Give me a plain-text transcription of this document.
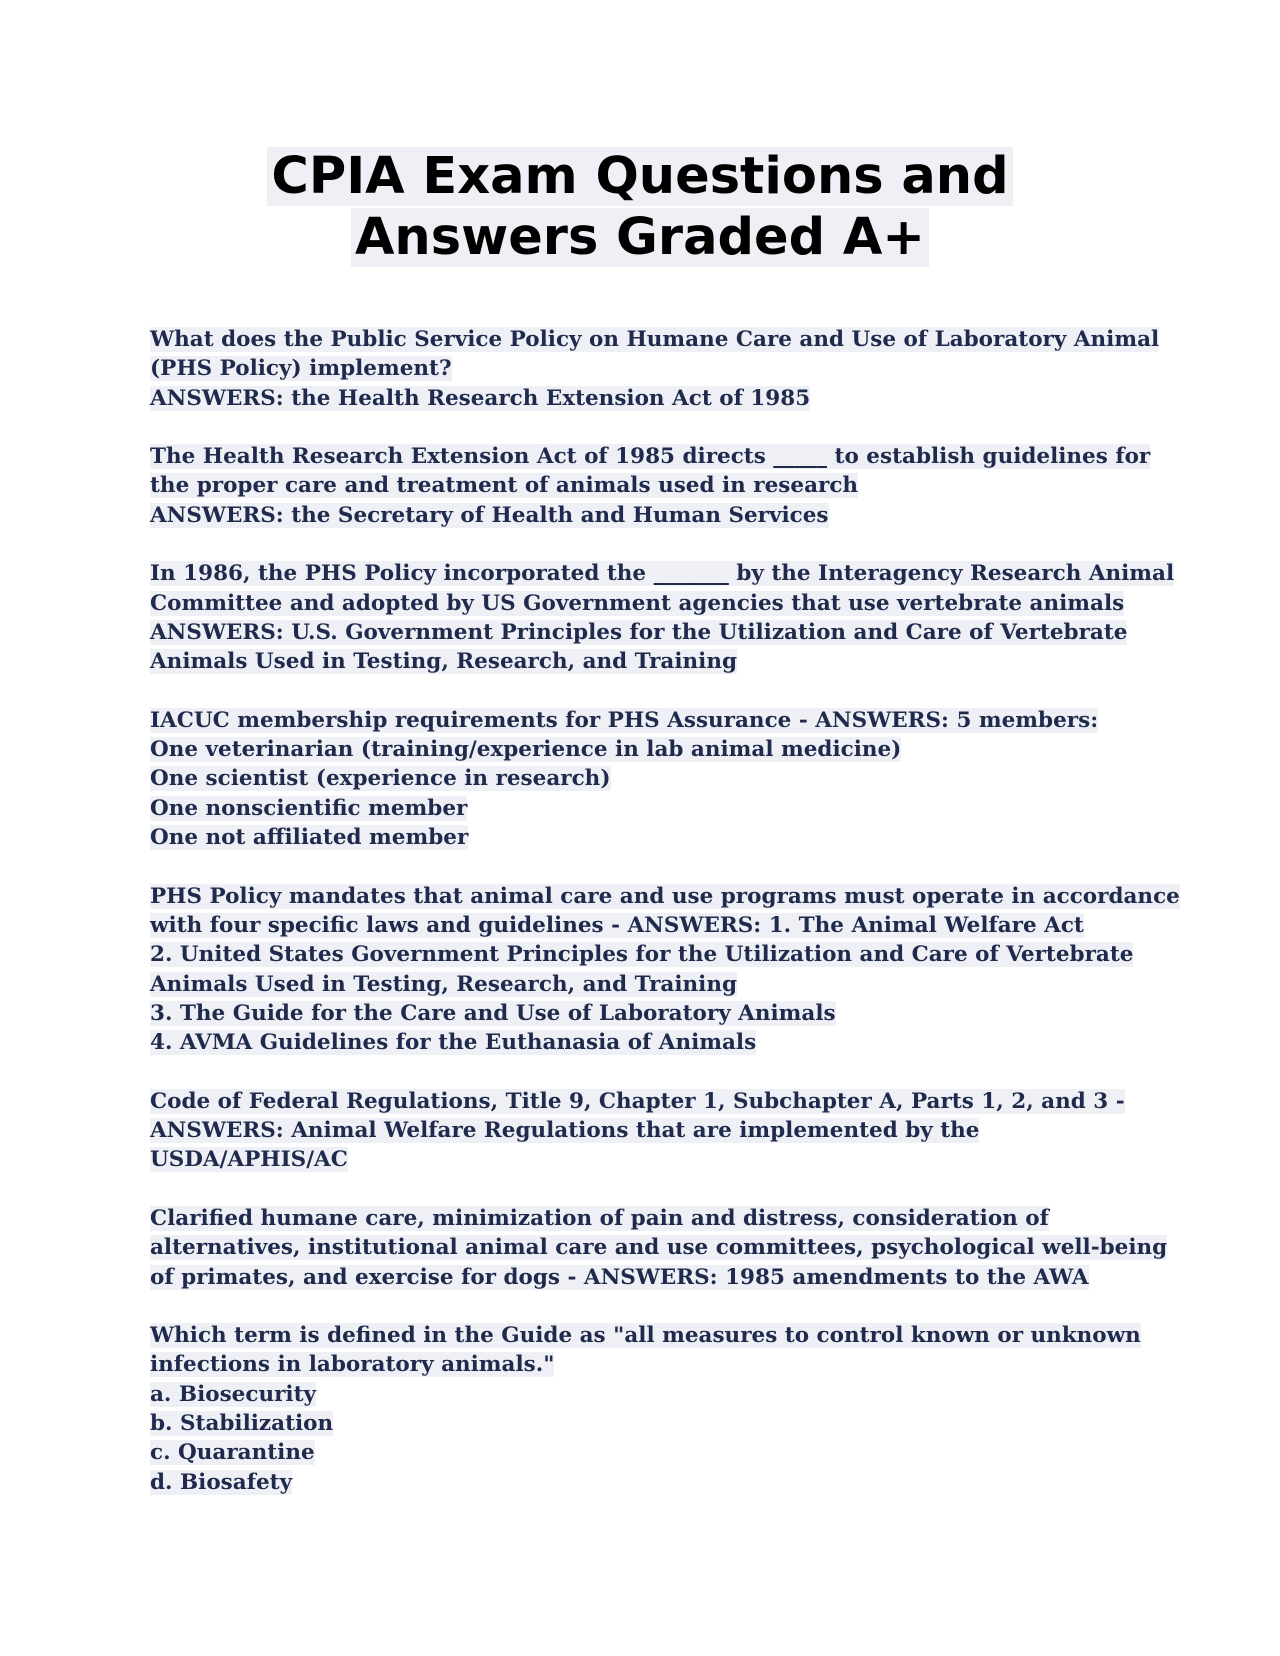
CPIA Exam Questions and
Answers Graded A+
What does the Public Service Policy on Humane Care and Use of Laboratory Animal
(PHS Policy) implement?
ANSWERS: the Health Research Extension Act of 1985
The Health Research Extension Act of 1985 directs _____ to establish guidelines for
the proper care and treatment of animals used in research
ANSWERS: the Secretary of Health and Human Services
In 1986, the PHS Policy incorporated the _______ by the Interagency Research Animal
Committee and adopted by US Government agencies that use vertebrate animals
ANSWERS: U.S. Government Principles for the Utilization and Care of Vertebrate
Animals Used in Testing, Research, and Training
IACUC membership requirements for PHS Assurance - ANSWERS: 5 members:
One veterinarian (training/experience in lab animal medicine)
One scientist (experience in research)
One nonscientific member
One not affiliated member
PHS Policy mandates that animal care and use programs must operate in accordance
with four specific laws and guidelines - ANSWERS: 1. The Animal Welfare Act
2. United States Government Principles for the Utilization and Care of Vertebrate
Animals Used in Testing, Research, and Training
3. The Guide for the Care and Use of Laboratory Animals
4. AVMA Guidelines for the Euthanasia of Animals
Code of Federal Regulations, Title 9, Chapter 1, Subchapter A, Parts 1, 2, and 3 -
ANSWERS: Animal Welfare Regulations that are implemented by the
USDA/APHIS/AC
Clarified humane care, minimization of pain and distress, consideration of
alternatives, institutional animal care and use committees, psychological well-being
of primates, and exercise for dogs - ANSWERS: 1985 amendments to the AWA
Which term is defined in the Guide as "all measures to control known or unknown
infections in laboratory animals."
a. Biosecurity
b. Stabilization
c. Quarantine
d. Biosafety
